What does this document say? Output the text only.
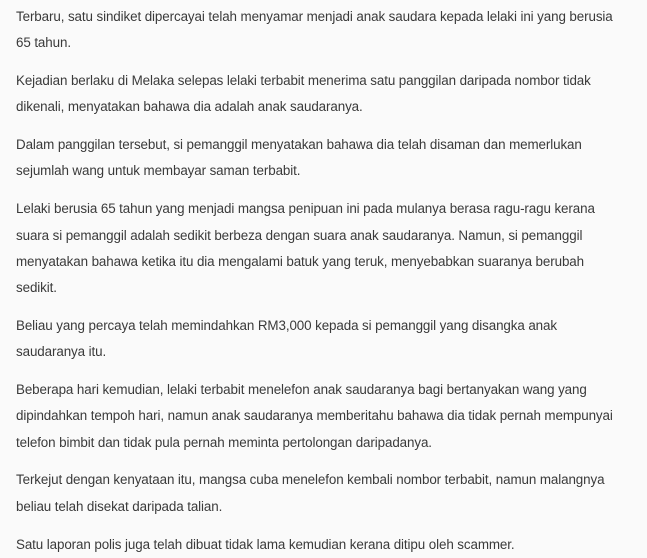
Terbaru, satu sindiket dipercayai telah menyamar menjadi anak saudara kepada lelaki ini yang berusia 65 tahun.

Kejadian berlaku di Melaka selepas lelaki terbabit menerima satu panggilan daripada nombor tidak dikenali, menyatakan bahawa dia adalah anak saudaranya.

Dalam panggilan tersebut, si pemanggil menyatakan bahawa dia telah disaman dan memerlukan sejumlah wang untuk membayar saman terbabit.

Lelaki berusia 65 tahun yang menjadi mangsa penipuan ini pada mulanya berasa ragu-ragu kerana suara si pemanggil adalah sedikit berbeza dengan suara anak saudaranya. Namun, si pemanggil menyatakan bahawa ketika itu dia mengalami batuk yang teruk, menyebabkan suaranya berubah sedikit.

Beliau yang percaya telah memindahkan RM3,000 kepada si pemanggil yang disangka anak saudaranya itu.

Beberapa hari kemudian, lelaki terbabit menelefon anak saudaranya bagi bertanyakan wang yang dipindahkan tempoh hari, namun anak saudaranya memberitahu bahawa dia tidak pernah mempunyai telefon bimbit dan tidak pula pernah meminta pertolongan daripadanya.

Terkejut dengan kenyataan itu, mangsa cuba menelefon kembali nombor terbabit, namun malangnya beliau telah disekat daripada talian.

Satu laporan polis juga telah dibuat tidak lama kemudian kerana ditipu oleh scammer.
